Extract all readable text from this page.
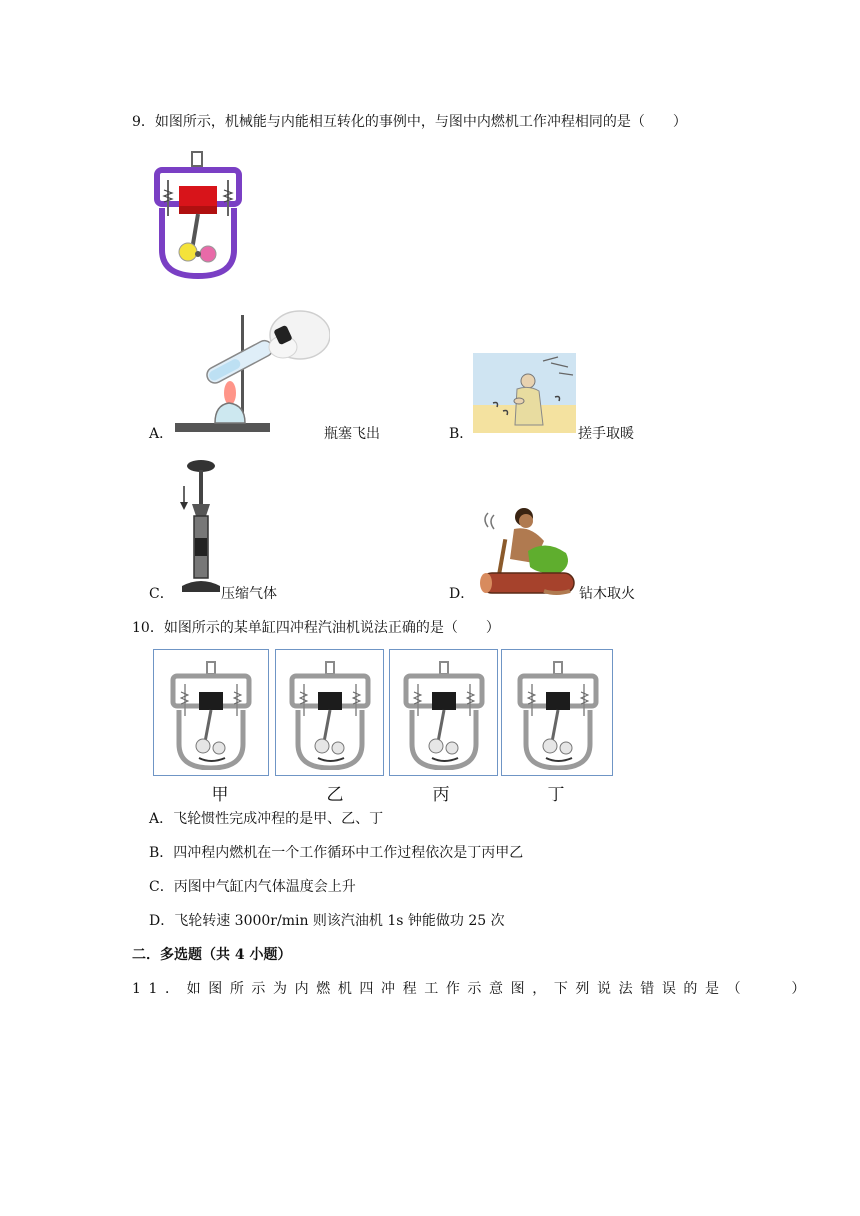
9．如图所示，机械能与内能相互转化的事例中，与图中内燃机工作冲程相同的是（　　）
A．	瓶塞飞出	B．	搓手取暖
C．	压缩气体	D．	钻木取火
10．如图所示的某单缸四冲程汽油机说法正确的是（　　）
甲	乙	丙	丁
A．飞轮惯性完成冲程的是甲、乙、丁
B．四冲程内燃机在一个工作循环中工作过程依次是丁丙甲乙
C．丙图中气缸内气体温度会上升
D．飞轮转速 3000r/min 则该汽油机 1s 钟能做功 25 次
二．多选题（共 4 小题）
11．如图所示为内燃机四冲程工作示意图，下列说法错误的是（　　）
